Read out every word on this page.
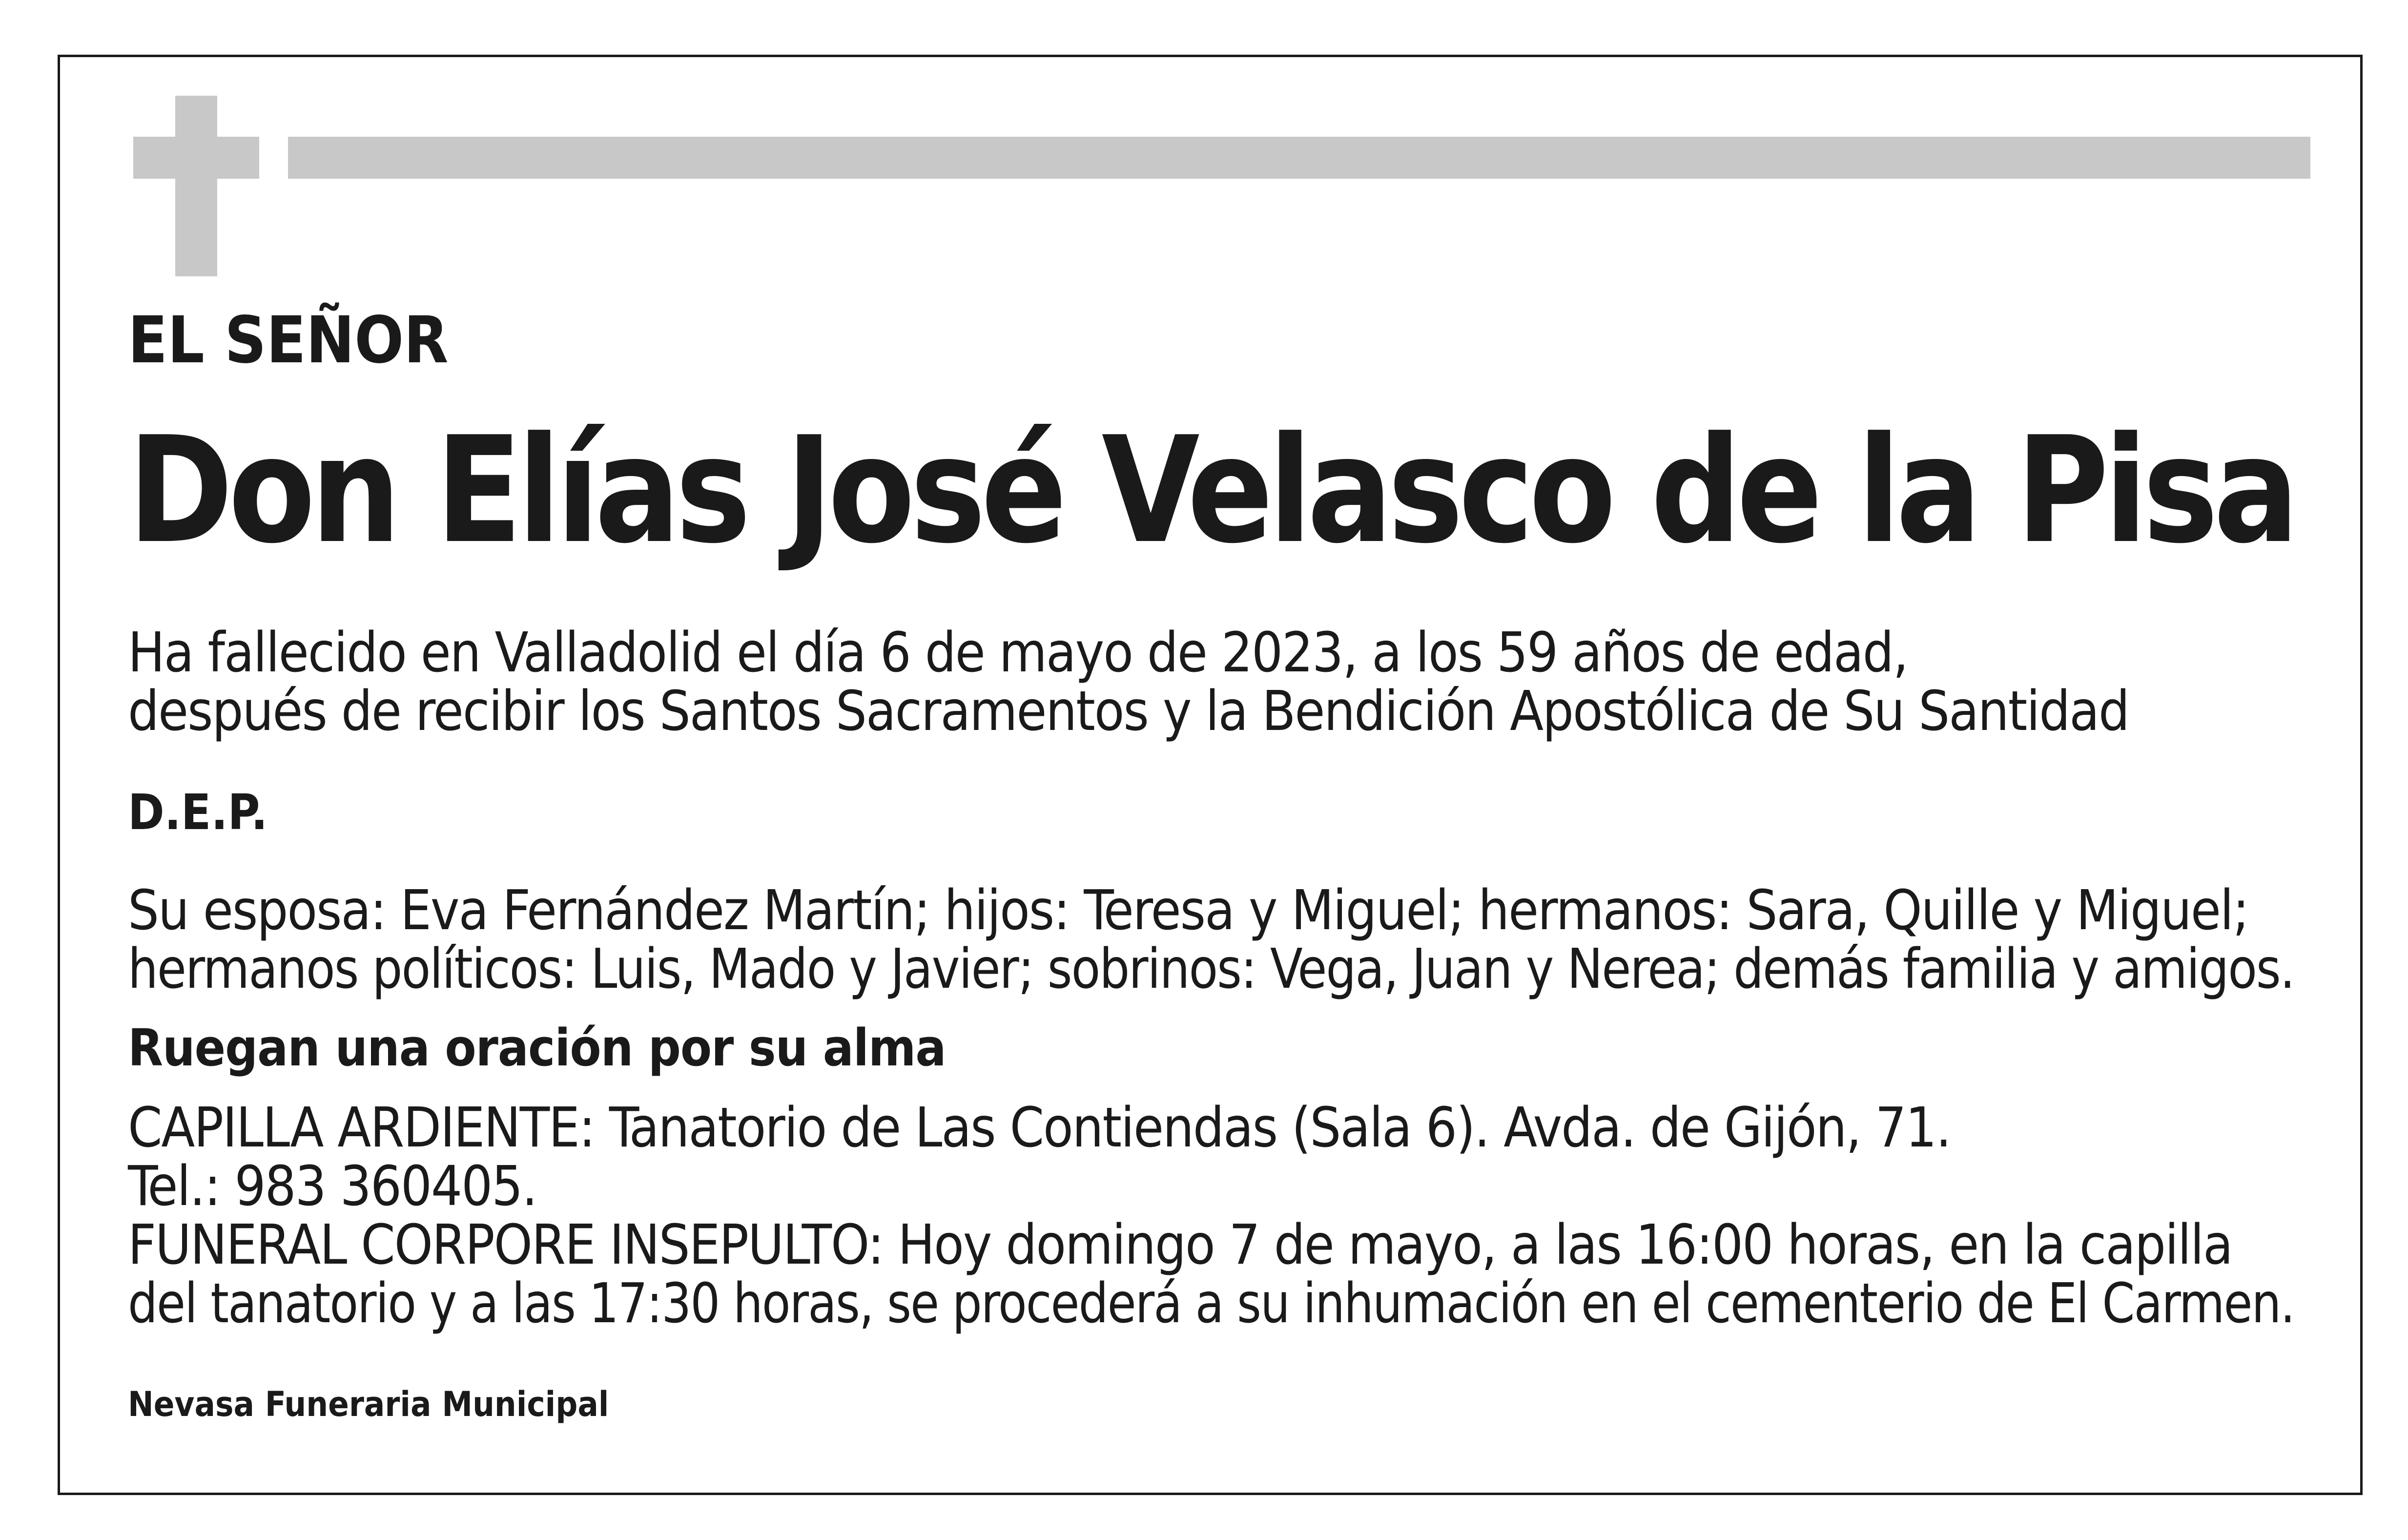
EL SEÑOR

Don Elías José Velasco de la Pisa

Ha fallecido en Valladolid el día 6 de mayo de 2023, a los 59 años de edad,

después de recibir los Santos Sacramentos y la Bendición Apostólica de Su Santidad

D.E.P.

Su esposa: Eva Fernández Martín; hijos: Teresa y Miguel; hermanos: Sara, Quille y Miguel;

hermanos políticos: Luis, Mado y Javier; sobrinos: Vega, Juan y Nerea; demás familia y amigos.

Ruegan una oración por su alma

CAPILLA ARDIENTE: Tanatorio de Las Contiendas (Sala 6). Avda. de Gijón, 71.

Tel.: 983 360405.

FUNERAL CORPORE INSEPULTO: Hoy domingo 7 de mayo, a las 16:00 horas, en la capilla

del tanatorio y a las 17:30 horas, se procederá a su inhumación en el cementerio de El Carmen.

Nevasa Funeraria Municipal
